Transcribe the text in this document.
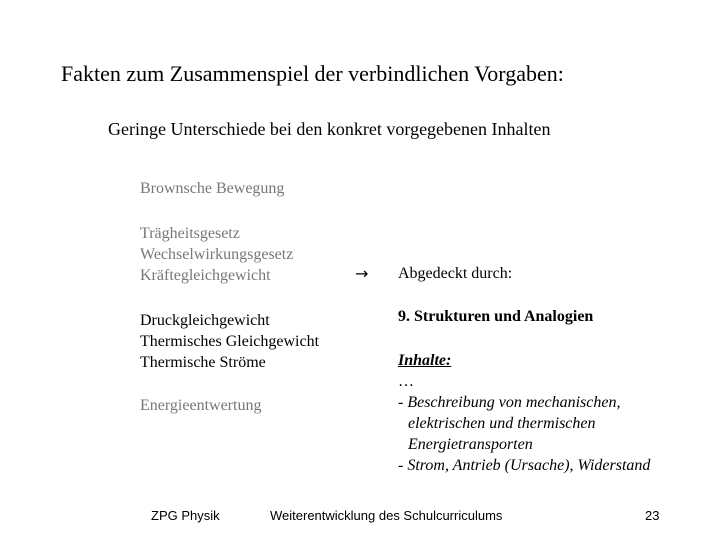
Fakten zum Zusammenspiel der verbindlichen Vorgaben:
Geringe Unterschiede bei den konkret vorgegebenen Inhalten
Brownsche Bewegung
Trägheitsgesetz
Wechselwirkungsgesetz
Kräftegleichgewicht
Druckgleichgewicht
Thermisches Gleichgewicht
Thermische Ströme
Energieentwertung
→ Abgedeckt durch:
9. Strukturen und Analogien
Inhalte:
…
- Beschreibung von mechanischen,
elektrischen und thermischen
Energietransporten
- Strom, Antrieb (Ursache), Widerstand
ZPG Physik	Weiterentwicklung des Schulcurriculums	23
